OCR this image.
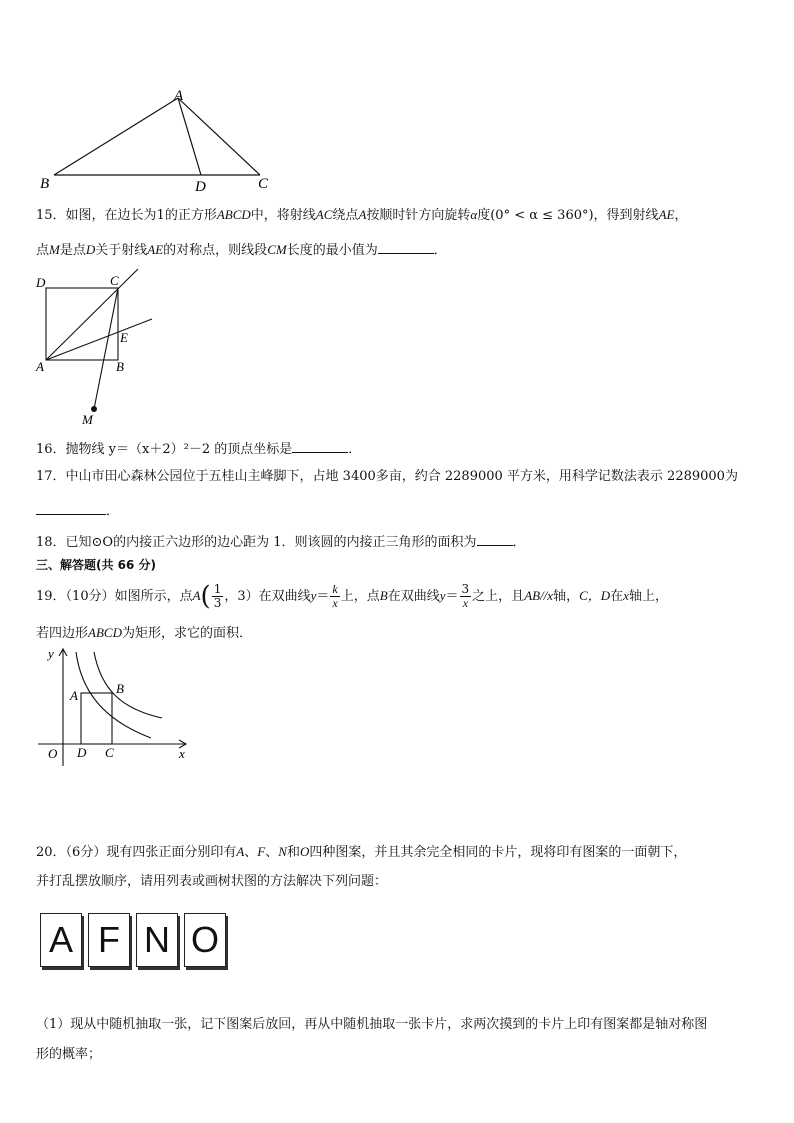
A
B	D	C
15．如图，在边长为1的正方形ABCD中，将射线AC绕点A按顺时针方向旋转α度(0° < α ≤ 360°)，得到射线AE，
点M是点D关于射线AE的对称点，则线段CM长度的最小值为	．
D	C
A	B
E
M
16．抛物线 y＝（x＋2）²－2 的顶点坐标是	．
17．中山市田心森林公园位于五桂山主峰脚下，占地 3400多亩，约合 2289000 平方米，用科学记数法表示 2289000为
．
18．已知⊙O的内接正六边形的边心距为 1．则该圆的内接正三角形的面积为	．
三、解答题(共 66 分)
19．（10分）如图所示，点$A( \frac{1}{3}$ ，3）在双曲线$y= \frac{k}{x}$ 上，点B在双曲线$y= \frac{3}{x}$ 之上，且AB//x轴，C，D在x轴上，
若四边形ABCD为矩形，求它的面积．
y
x
O
A	B
D C
20．（6分）现有四张正面分别印有A、F、N和O四种图案，并且其余完全相同的卡片，现将印有图案的一面朝下，
并打乱摆放顺序，请用列表或画树状图的方法解决下列问题：
A F N O
（1）现从中随机抽取一张，记下图案后放回，再从中随机抽取一张卡片，求两次摸到的卡片上印有图案都是轴对称图
形的概率；
